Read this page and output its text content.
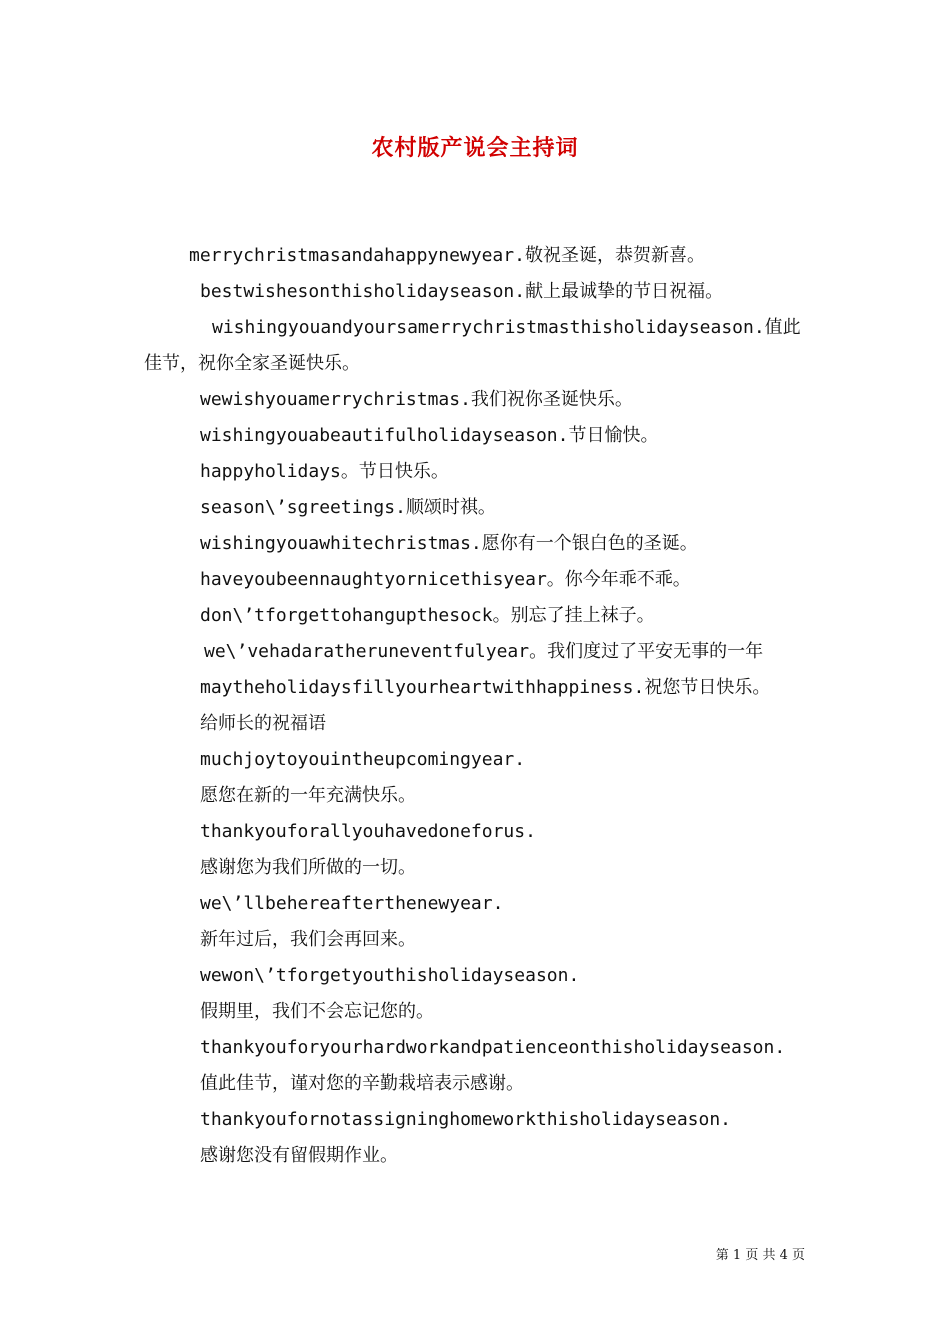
农村版产说会主持词

merrychristmasandahappynewyear.敬祝圣诞，恭贺新喜。

bestwishesonthisholidayseason.献上最诚挚的节日祝福。

wishingyouandyoursamerrychristmasthisholidayseason.值此佳节，祝你全家圣诞快乐。

wewishyouamerrychristmas.我们祝你圣诞快乐。

wishingyouabeautifulholidayseason.节日愉快。

happyholidays。节日快乐。

season\’sgreetings.顺颂时祺。

wishingyouawhitechristmas.愿你有一个银白色的圣诞。

haveyoubeennaughtyornicethisyear。你今年乖不乖。

don\’tforgettohangupthesock。别忘了挂上袜子。

we\’vehadaratheruneventfulyear。我们度过了平安无事的一年

maytheholidaysfillyourheartwithhappiness.祝您节日快乐。

给师长的祝福语

muchjoytoyouintheupcomingyear.

愿您在新的一年充满快乐。

thankyouforallyouhavedoneforus.

感谢您为我们所做的一切。

we\’llbehereafterthenewyear.

新年过后，我们会再回来。

wewon\’tforgetyouthisholidayseason.

假期里，我们不会忘记您的。

thankyouforyourhardworkandpatienceonthisholidayseason.

值此佳节，谨对您的辛勤栽培表示感谢。

thankyoufornotassigninghomeworkthisholidayseason.

感谢您没有留假期作业。

第 1 页 共 4 页
